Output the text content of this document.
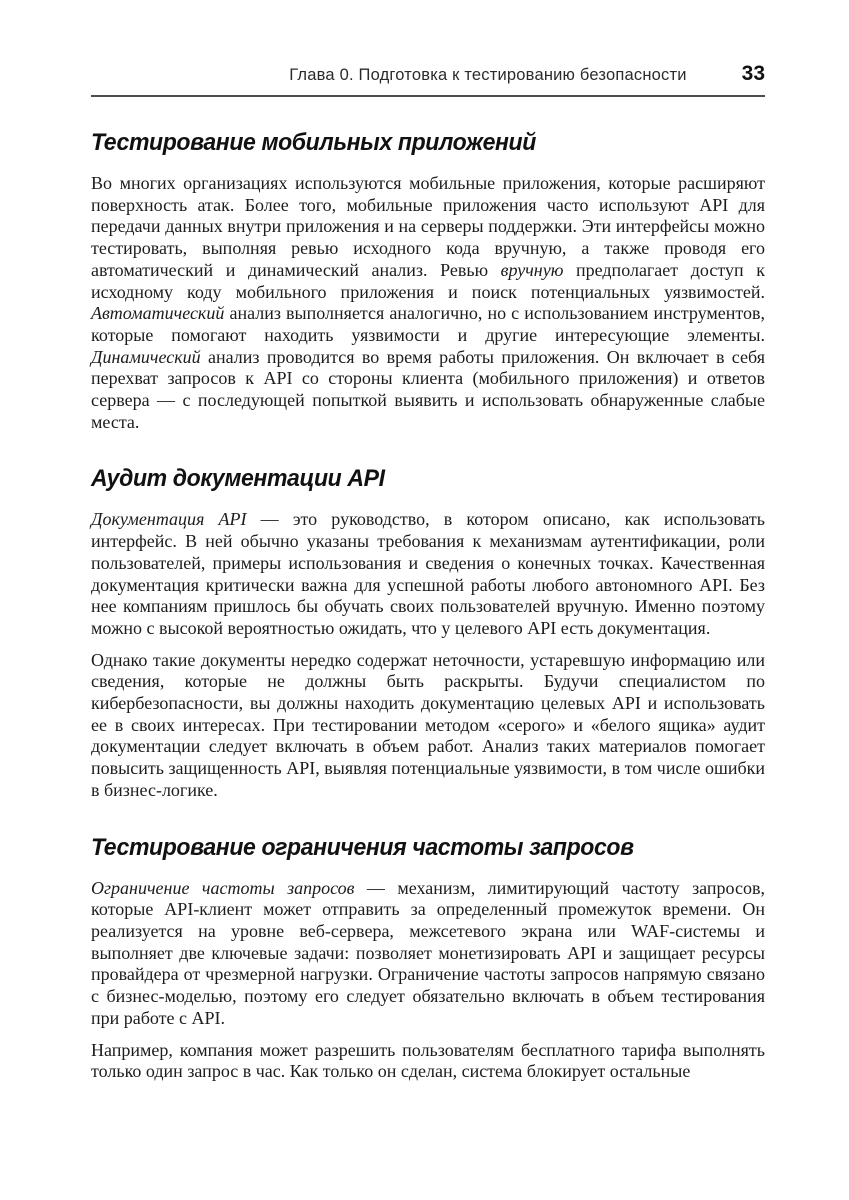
Глава 0. Подготовка к тестированию безопасности	33
Тестирование мобильных приложений

Во многих организациях используются мобильные приложения, которые расширяют поверхность атак. Более того, мобильные приложения часто используют API для передачи данных внутри приложения и на серверы поддержки. Эти интерфейсы можно тестировать, выполняя ревью исходного кода вручную, а также проводя его автоматический и динамический анализ. Ревью вручную предполагает доступ к исходному коду мобильного приложения и поиск потенциальных уязвимостей. Автоматический анализ выполняется аналогично, но с использованием инструментов, которые помогают находить уязвимости и другие интересующие элементы. Динамический анализ проводится во время работы приложения. Он включает в себя перехват запросов к API со стороны клиента (мобильного приложения) и ответов сервера — с последующей попыткой выявить и использовать обнаруженные слабые места.

Аудит документации API

Документация API — это руководство, в котором описано, как использовать интерфейс. В ней обычно указаны требования к механизмам аутентификации, роли пользователей, примеры использования и сведения о конечных точках. Качественная документация критически важна для успешной работы любого автономного API. Без нее компаниям пришлось бы обучать своих пользователей вручную. Именно поэтому можно с высокой вероятностью ожидать, что у целевого API есть документация.

Однако такие документы нередко содержат неточности, устаревшую информацию или сведения, которые не должны быть раскрыты. Будучи специалистом по кибербезопасности, вы должны находить документацию целевых API и использовать ее в своих интересах. При тестировании методом «серого» и «белого ящика» аудит документации следует включать в объем работ. Анализ таких материалов помогает повысить защищенность API, выявляя потенциальные уязвимости, в том числе ошибки в бизнес-логике.

Тестирование ограничения частоты запросов

Ограничение частоты запросов — механизм, лимитирующий частоту запросов, которые API-клиент может отправить за определенный промежуток времени. Он реализуется на уровне веб-сервера, межсетевого экрана или WAF-системы и выполняет две ключевые задачи: позволяет монетизировать API и защищает ресурсы провайдера от чрезмерной нагрузки. Ограничение частоты запросов напрямую связано с бизнес-моделью, поэтому его следует обязательно включать в объем тестирования при работе с API.

Например, компания может разрешить пользователям бесплатного тарифа выполнять только один запрос в час. Как только он сделан, система блокирует остальные
